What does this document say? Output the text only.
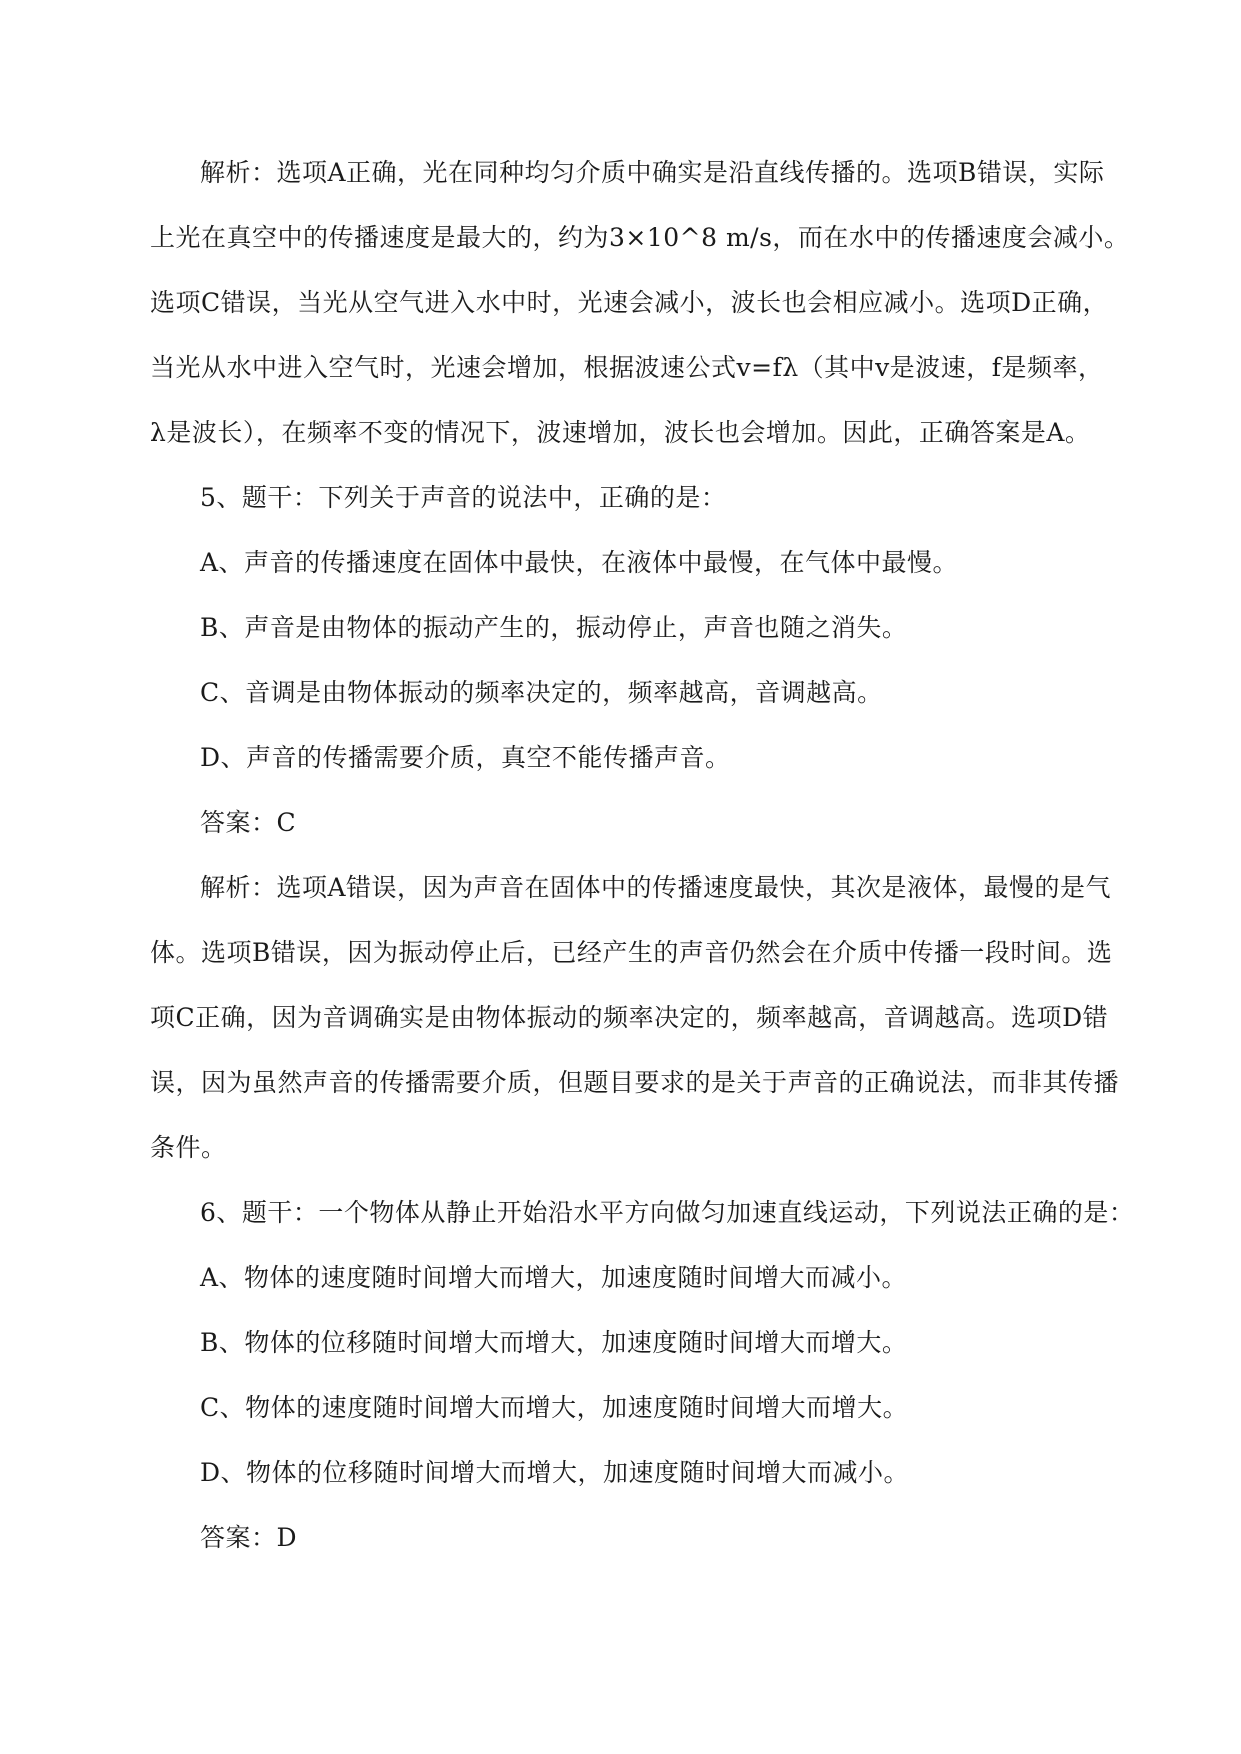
解析：选项A正确，光在同种均匀介质中确实是沿直线传播的。选项B错误，实际
上光在真空中的传播速度是最大的，约为3×10^8 m/s，而在水中的传播速度会减小。
选项C错误，当光从空气进入水中时，光速会减小，波长也会相应减小。选项D正确，
当光从水中进入空气时，光速会增加，根据波速公式v=fλ（其中v是波速，f是频率，
λ是波长），在频率不变的情况下，波速增加，波长也会增加。因此，正确答案是A。
5、题干：下列关于声音的说法中，正确的是：
A、声音的传播速度在固体中最快，在液体中最慢，在气体中最慢。
B、声音是由物体的振动产生的，振动停止，声音也随之消失。
C、音调是由物体振动的频率决定的，频率越高，音调越高。
D、声音的传播需要介质，真空不能传播声音。
答案：C
解析：选项A错误，因为声音在固体中的传播速度最快，其次是液体，最慢的是气
体。选项B错误，因为振动停止后，已经产生的声音仍然会在介质中传播一段时间。选
项C正确，因为音调确实是由物体振动的频率决定的，频率越高，音调越高。选项D错
误，因为虽然声音的传播需要介质，但题目要求的是关于声音的正确说法，而非其传播
条件。
6、题干：一个物体从静止开始沿水平方向做匀加速直线运动，下列说法正确的是：
A、物体的速度随时间增大而增大，加速度随时间增大而减小。
B、物体的位移随时间增大而增大，加速度随时间增大而增大。
C、物体的速度随时间增大而增大，加速度随时间增大而增大。
D、物体的位移随时间增大而增大，加速度随时间增大而减小。
答案：D
